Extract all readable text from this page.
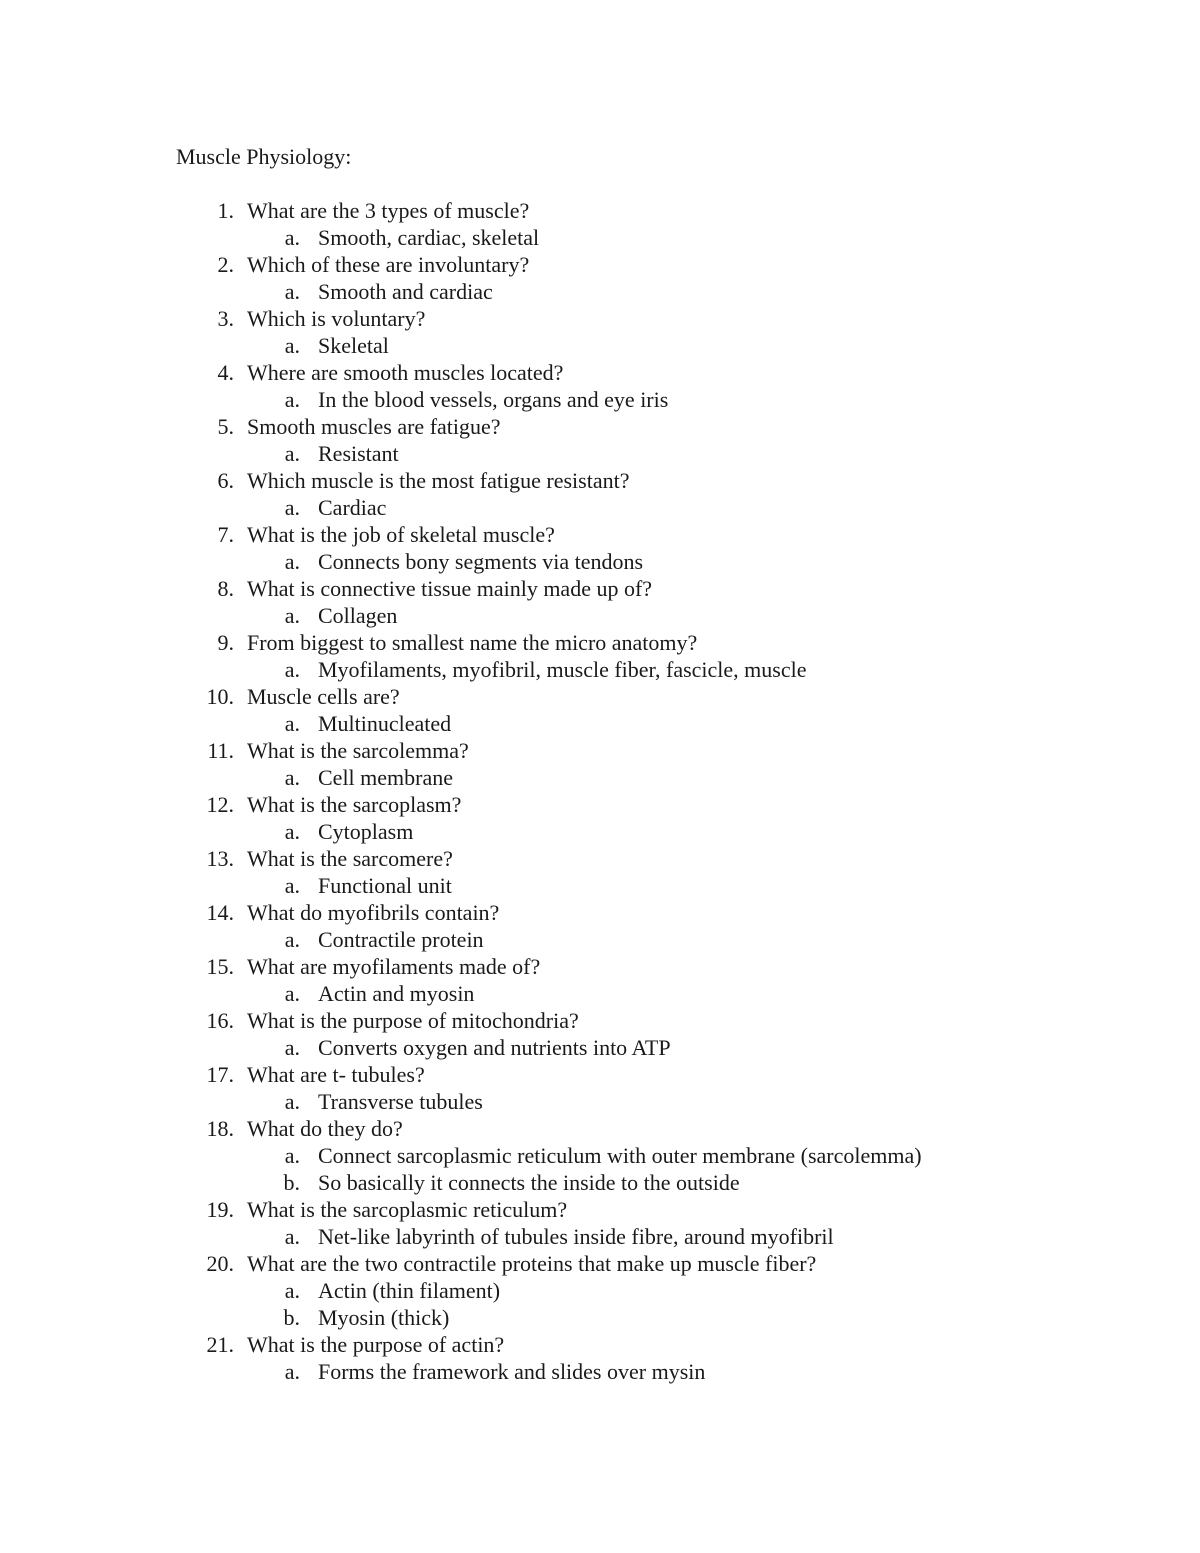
Muscle Physiology:
1. What are the 3 types of muscle?
a. Smooth, cardiac, skeletal
2. Which of these are involuntary?
a. Smooth and cardiac
3. Which is voluntary?
a. Skeletal
4. Where are smooth muscles located?
a. In the blood vessels, organs and eye iris
5. Smooth muscles are fatigue?
a. Resistant
6. Which muscle is the most fatigue resistant?
a. Cardiac
7. What is the job of skeletal muscle?
a. Connects bony segments via tendons
8. What is connective tissue mainly made up of?
a. Collagen
9. From biggest to smallest name the micro anatomy?
a. Myofilaments, myofibril, muscle fiber, fascicle, muscle
10. Muscle cells are?
a. Multinucleated
11. What is the sarcolemma?
a. Cell membrane
12. What is the sarcoplasm?
a. Cytoplasm
13. What is the sarcomere?
a. Functional unit
14. What do myofibrils contain?
a. Contractile protein
15. What are myofilaments made of?
a. Actin and myosin
16. What is the purpose of mitochondria?
a. Converts oxygen and nutrients into ATP
17. What are t- tubules?
a. Transverse tubules
18. What do they do?
a. Connect sarcoplasmic reticulum with outer membrane (sarcolemma)
b. So basically it connects the inside to the outside
19. What is the sarcoplasmic reticulum?
a. Net-like labyrinth of tubules inside fibre, around myofibril
20. What are the two contractile proteins that make up muscle fiber?
a. Actin (thin filament)
b. Myosin (thick)
21. What is the purpose of actin?
a. Forms the framework and slides over mysin
